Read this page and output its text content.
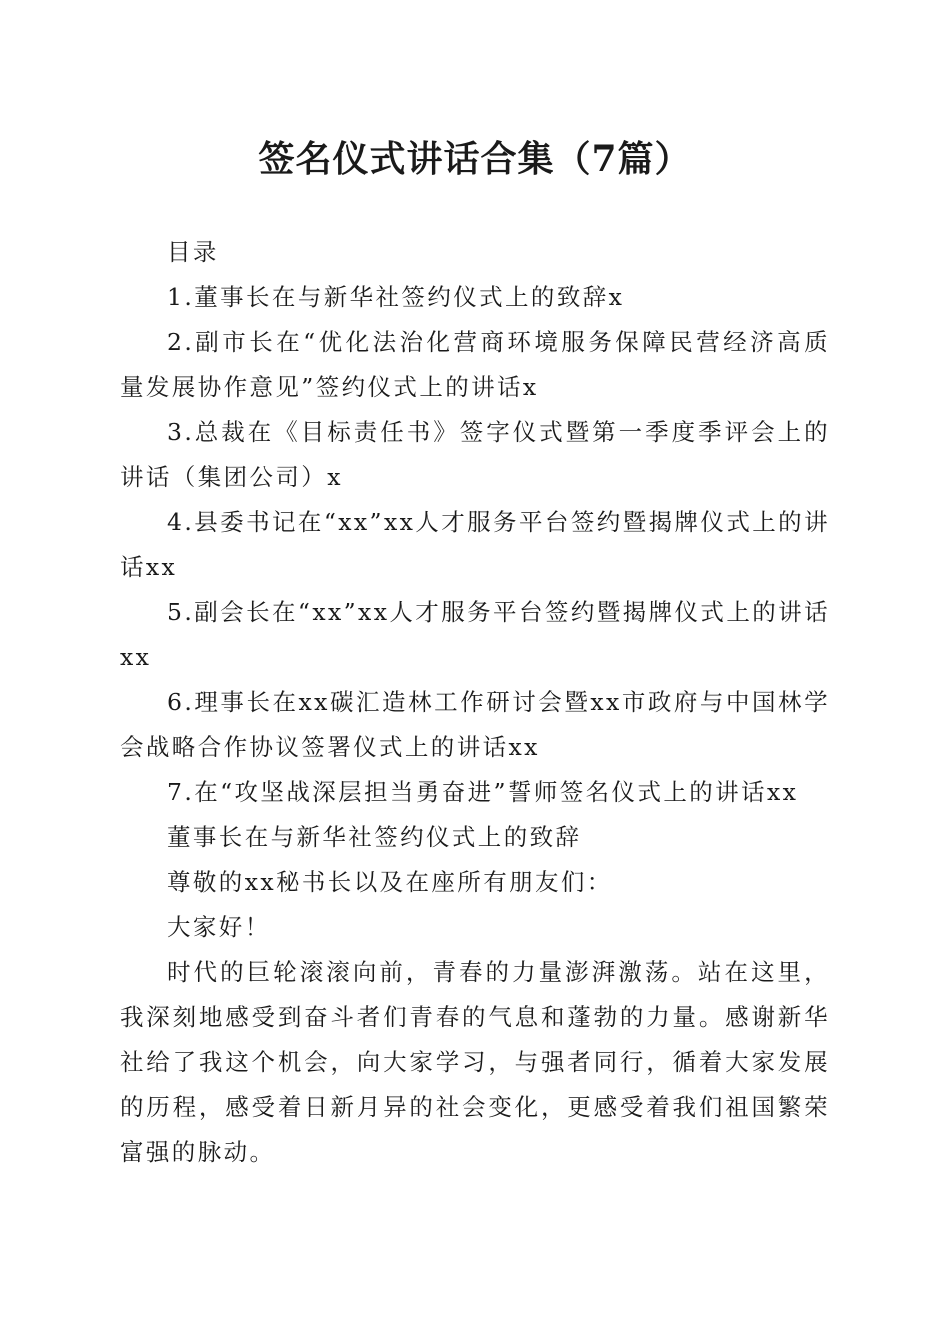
签名仪式讲话合集（7篇）

目录

1.董事长在与新华社签约仪式上的致辞x

2.副市长在“优化法治化营商环境服务保障民营经济高质量发展协作意见”签约仪式上的讲话x

3.总裁在《目标责任书》签字仪式暨第一季度季评会上的讲话（集团公司）x

4.县委书记在“xx”xx人才服务平台签约暨揭牌仪式上的讲话xx

5.副会长在“xx”xx人才服务平台签约暨揭牌仪式上的讲话xx

6.理事长在xx碳汇造林工作研讨会暨xx市政府与中国林学会战略合作协议签署仪式上的讲话xx

7.在“攻坚战深层担当勇奋进”誓师签名仪式上的讲话xx

董事长在与新华社签约仪式上的致辞

尊敬的xx秘书长以及在座所有朋友们：

大家好！

时代的巨轮滚滚向前，青春的力量澎湃激荡。站在这里，我深刻地感受到奋斗者们青春的气息和蓬勃的力量。感谢新华社给了我这个机会，向大家学习，与强者同行，循着大家发展的历程，感受着日新月异的社会变化，更感受着我们祖国繁荣富强的脉动。
